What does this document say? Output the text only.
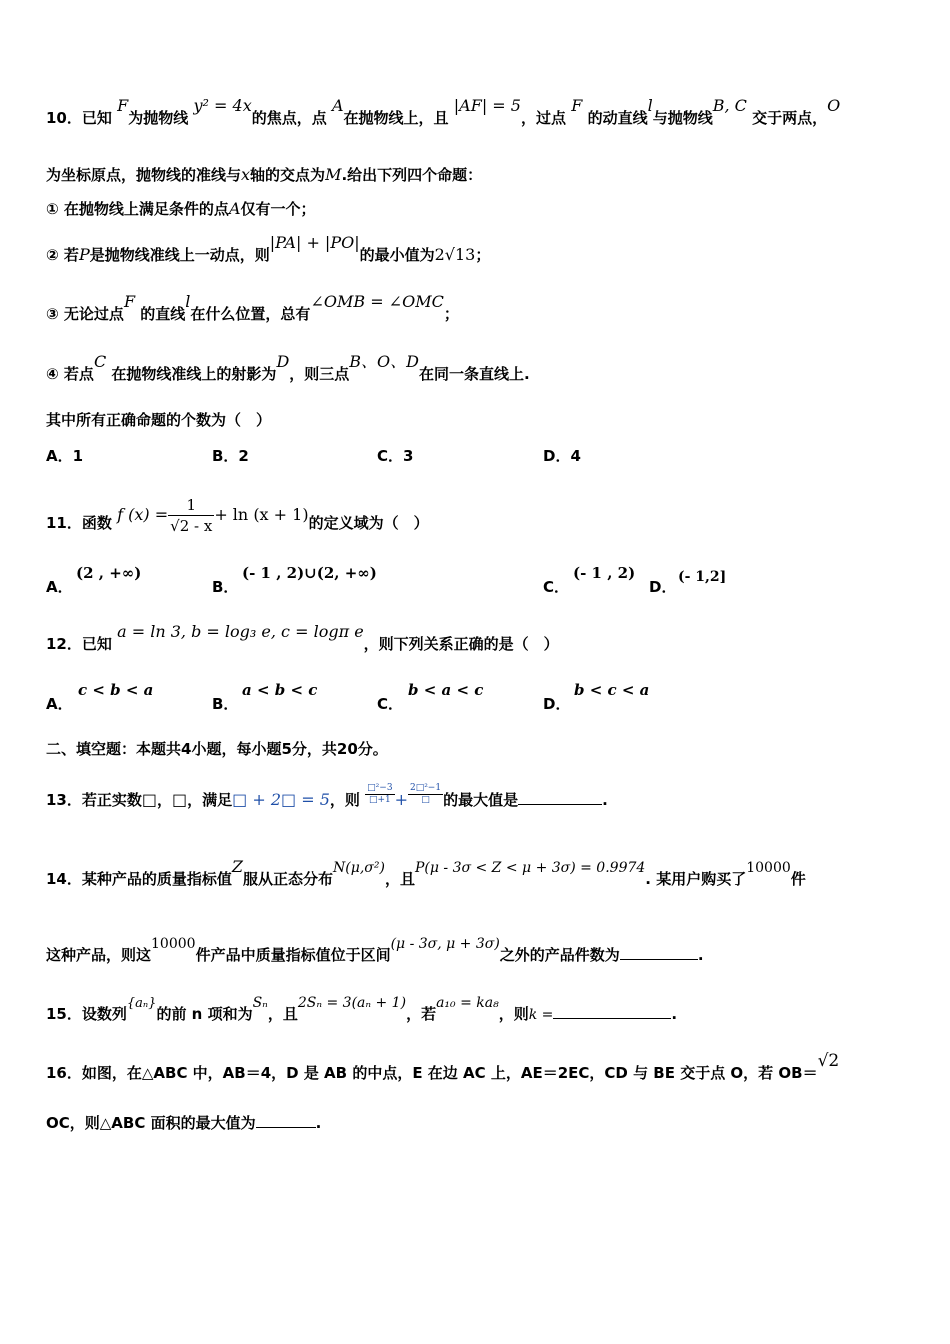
10．已知 F为抛物线 y² = 4x的焦点，点 A在抛物线上，且 |AF| = 5，过点 F 的动直线l与抛物线B, C 交于两点，O
为坐标原点，抛物线的准线与x轴的交点为M.给出下列四个命题：
① 在抛物线上满足条件的点A仅有一个；
② 若P是抛物线准线上一动点，则|PA| + |PO|的最小值为2√13；
③ 无论过点F 的直线l在什么位置，总有∠OMB = ∠OMC；
④ 若点C 在抛物线准线上的射影为D，则三点B、O、D在同一条直线上.
其中所有正确命题的个数为（　）
A．1	B．2	C．3	D．4
11．函数 f $(x) = \frac{1}{√2 - x} + \ln (x + 1)$的定义域为（　）
A．
(2 , +∞)
B．
(- 1 , 2)∪(2, +∞)
C．
(- 1 , 2)
D．
(- 1,2]
12．已知 a = ln 3, b = log₃ e, c = logπ e，则下列关系正确的是（　）
A．
c < b < a
B．
a < b < c
C．
b < a < c
D．
b < c < a
二、填空题：本题共4小题，每小题5分，共20分。
13．若正实数□，□，满足□ + 2□ = 5，则 $\frac{\text{□²−3}}{□+1} + \frac{\text{2□²−1}}{□}$ 的最大值是	.
14．某种产品的质量指标值Z服从正态分布N(μ,σ²)，且P(μ - 3σ < Z < μ + 3σ) = 0.9974. 某用户购买了10000件
这种产品，则这10000件产品中质量指标值位于区间(μ - 3σ, μ + 3σ)之外的产品件数为	.
15．设数列{aₙ}的前 n 项和为Sₙ，且2Sₙ = 3(aₙ + 1)，若a₁₀ = ka₈，则k =	.
16．如图，在△ABC 中，AB＝4，D 是 AB 的中点，E 在边 AC 上，AE＝2EC，CD 与 BE 交于点 O，若 OB＝√2
OC，则△ABC 面积的最大值为	.
